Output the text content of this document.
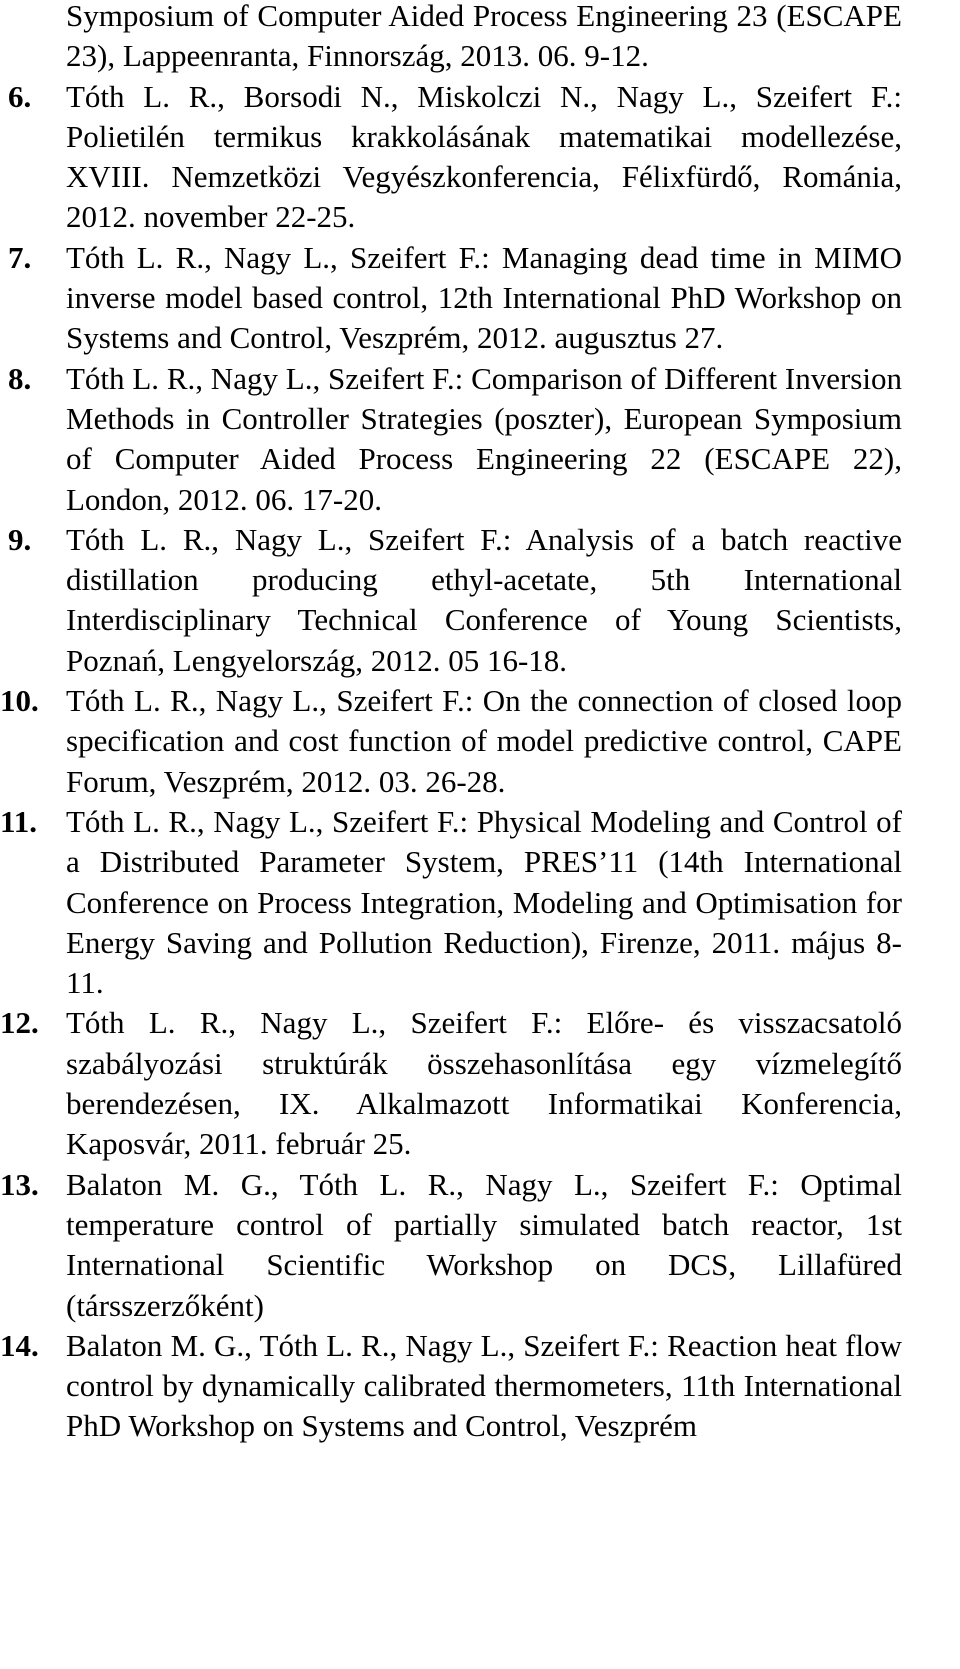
Symposium of Computer Aided Process Engineering 23 (ESCAPE 23), Lappeenranta, Finnország, 2013. 06. 9-12.
6.	Tóth L. R., Borsodi N., Miskolczi N., Nagy L., Szeifert F.: Polietilén termikus krakkolásának matematikai modellezése, XVIII. Nemzetközi Vegyészkonferencia, Félixfürdő, Románia, 2012. november 22-25.
7.	Tóth L. R., Nagy L., Szeifert F.: Managing dead time in MIMO inverse model based control, 12th International PhD Workshop on Systems and Control, Veszprém, 2012. augusztus 27.
8.	Tóth L. R., Nagy L., Szeifert F.: Comparison of Different Inversion Methods in Controller Strategies (poszter), European Symposium of Computer Aided Process Engineering 22 (ESCAPE 22), London, 2012. 06. 17-20.
9.	Tóth L. R., Nagy L., Szeifert F.: Analysis of a batch reactive distillation producing ethyl-acetate, 5th International Interdisciplinary Technical Conference of Young Scientists, Poznań, Lengyelország, 2012. 05 16-18.
10. Tóth L. R., Nagy L., Szeifert F.: On the connection of closed loop specification and cost function of model predictive control, CAPE Forum, Veszprém, 2012. 03. 26-28.
11. Tóth L. R., Nagy L., Szeifert F.: Physical Modeling and Control of a Distributed Parameter System, PRES’11 (14th International Conference on Process Integration, Modeling and Optimisation for Energy Saving and Pollution Reduction), Firenze, 2011. május 8-11.
12. Tóth L. R., Nagy L., Szeifert F.: Előre- és visszacsatoló szabályozási struktúrák összehasonlítása egy vízmelegítő berendezésen, IX. Alkalmazott Informatikai Konferencia, Kaposvár, 2011. február 25.
13. Balaton M. G., Tóth L. R., Nagy L., Szeifert F.: Optimal temperature control of partially simulated batch reactor, 1st International Scientific Workshop on DCS, Lillafüred (társszerzőként)
14. Balaton M. G., Tóth L. R., Nagy L., Szeifert F.: Reaction heat flow control by dynamically calibrated thermometers, 11th International PhD Workshop on Systems and Control, Veszprém
